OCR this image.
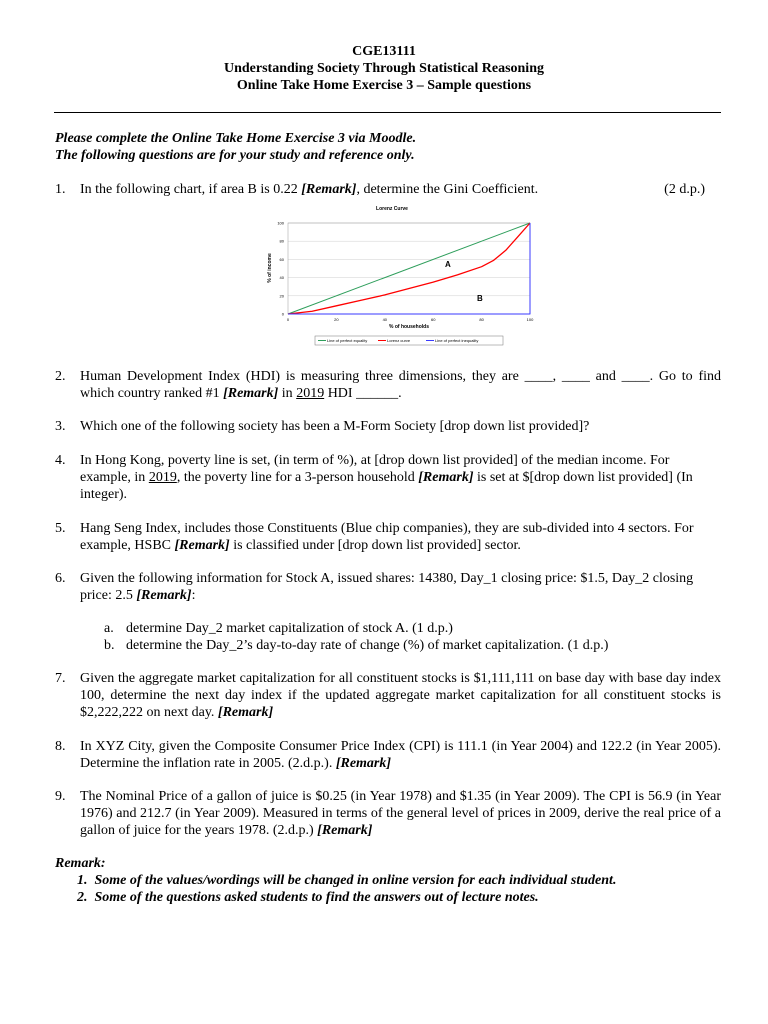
CGE13111
Understanding Society Through Statistical Reasoning
Online Take Home Exercise 3 – Sample questions
Please complete the Online Take Home Exercise 3 via Moodle.
The following questions are for your study and reference only.
1. In the following chart, if area B is 0.22 [Remark], determine the Gini Coefficient.	(2 d.p.)
Lorenz Curve
0
20
40
60
80
100
0	20	40	60	80	100
% of income
% of households
A
B
Line of perfect equality	Lorenz curve	Line of perfect inequality
2. Human Development Index (HDI) is measuring three dimensions, they are ____, ____ and ____. Go to find which country ranked #1 [Remark] in 2019 HDI ______.
3. Which one of the following society has been a M-Form Society [drop down list provided]?
4. In Hong Kong, poverty line is set, (in term of %), at [drop down list provided] of the median income. For example, in 2019, the poverty line for a 3-person household [Remark] is set at $[drop down list provided] (In integer).
5. Hang Seng Index, includes those Constituents (Blue chip companies), they are sub-divided into 4 sectors. For example, HSBC [Remark] is classified under [drop down list provided] sector.
6. Given the following information for Stock A, issued shares: 14380, Day_1 closing price: $1.5, Day_2 closing price: 2.5 [Remark]:
a. determine Day_2 market capitalization of stock A. (1 d.p.)
b. determine the Day_2’s day-to-day rate of change (%) of market capitalization. (1 d.p.)
7. Given the aggregate market capitalization for all constituent stocks is $1,111,111 on base day with base day index 100, determine the next day index if the updated aggregate market capitalization for all constituent stocks is $2,222,222 on next day. [Remark]
8. In XYZ City, given the Composite Consumer Price Index (CPI) is 111.1 (in Year 2004) and 122.2 (in Year 2005). Determine the inflation rate in 2005. (2.d.p.). [Remark]
9. The Nominal Price of a gallon of juice is $0.25 (in Year 1978) and $1.35 (in Year 2009). The CPI is 56.9 (in Year 1976) and 212.7 (in Year 2009). Measured in terms of the general level of prices in 2009, derive the real price of a gallon of juice for the years 1978. (2.d.p.) [Remark]
Remark:
1. Some of the values/wordings will be changed in online version for each individual student.
2. Some of the questions asked students to find the answers out of lecture notes.
